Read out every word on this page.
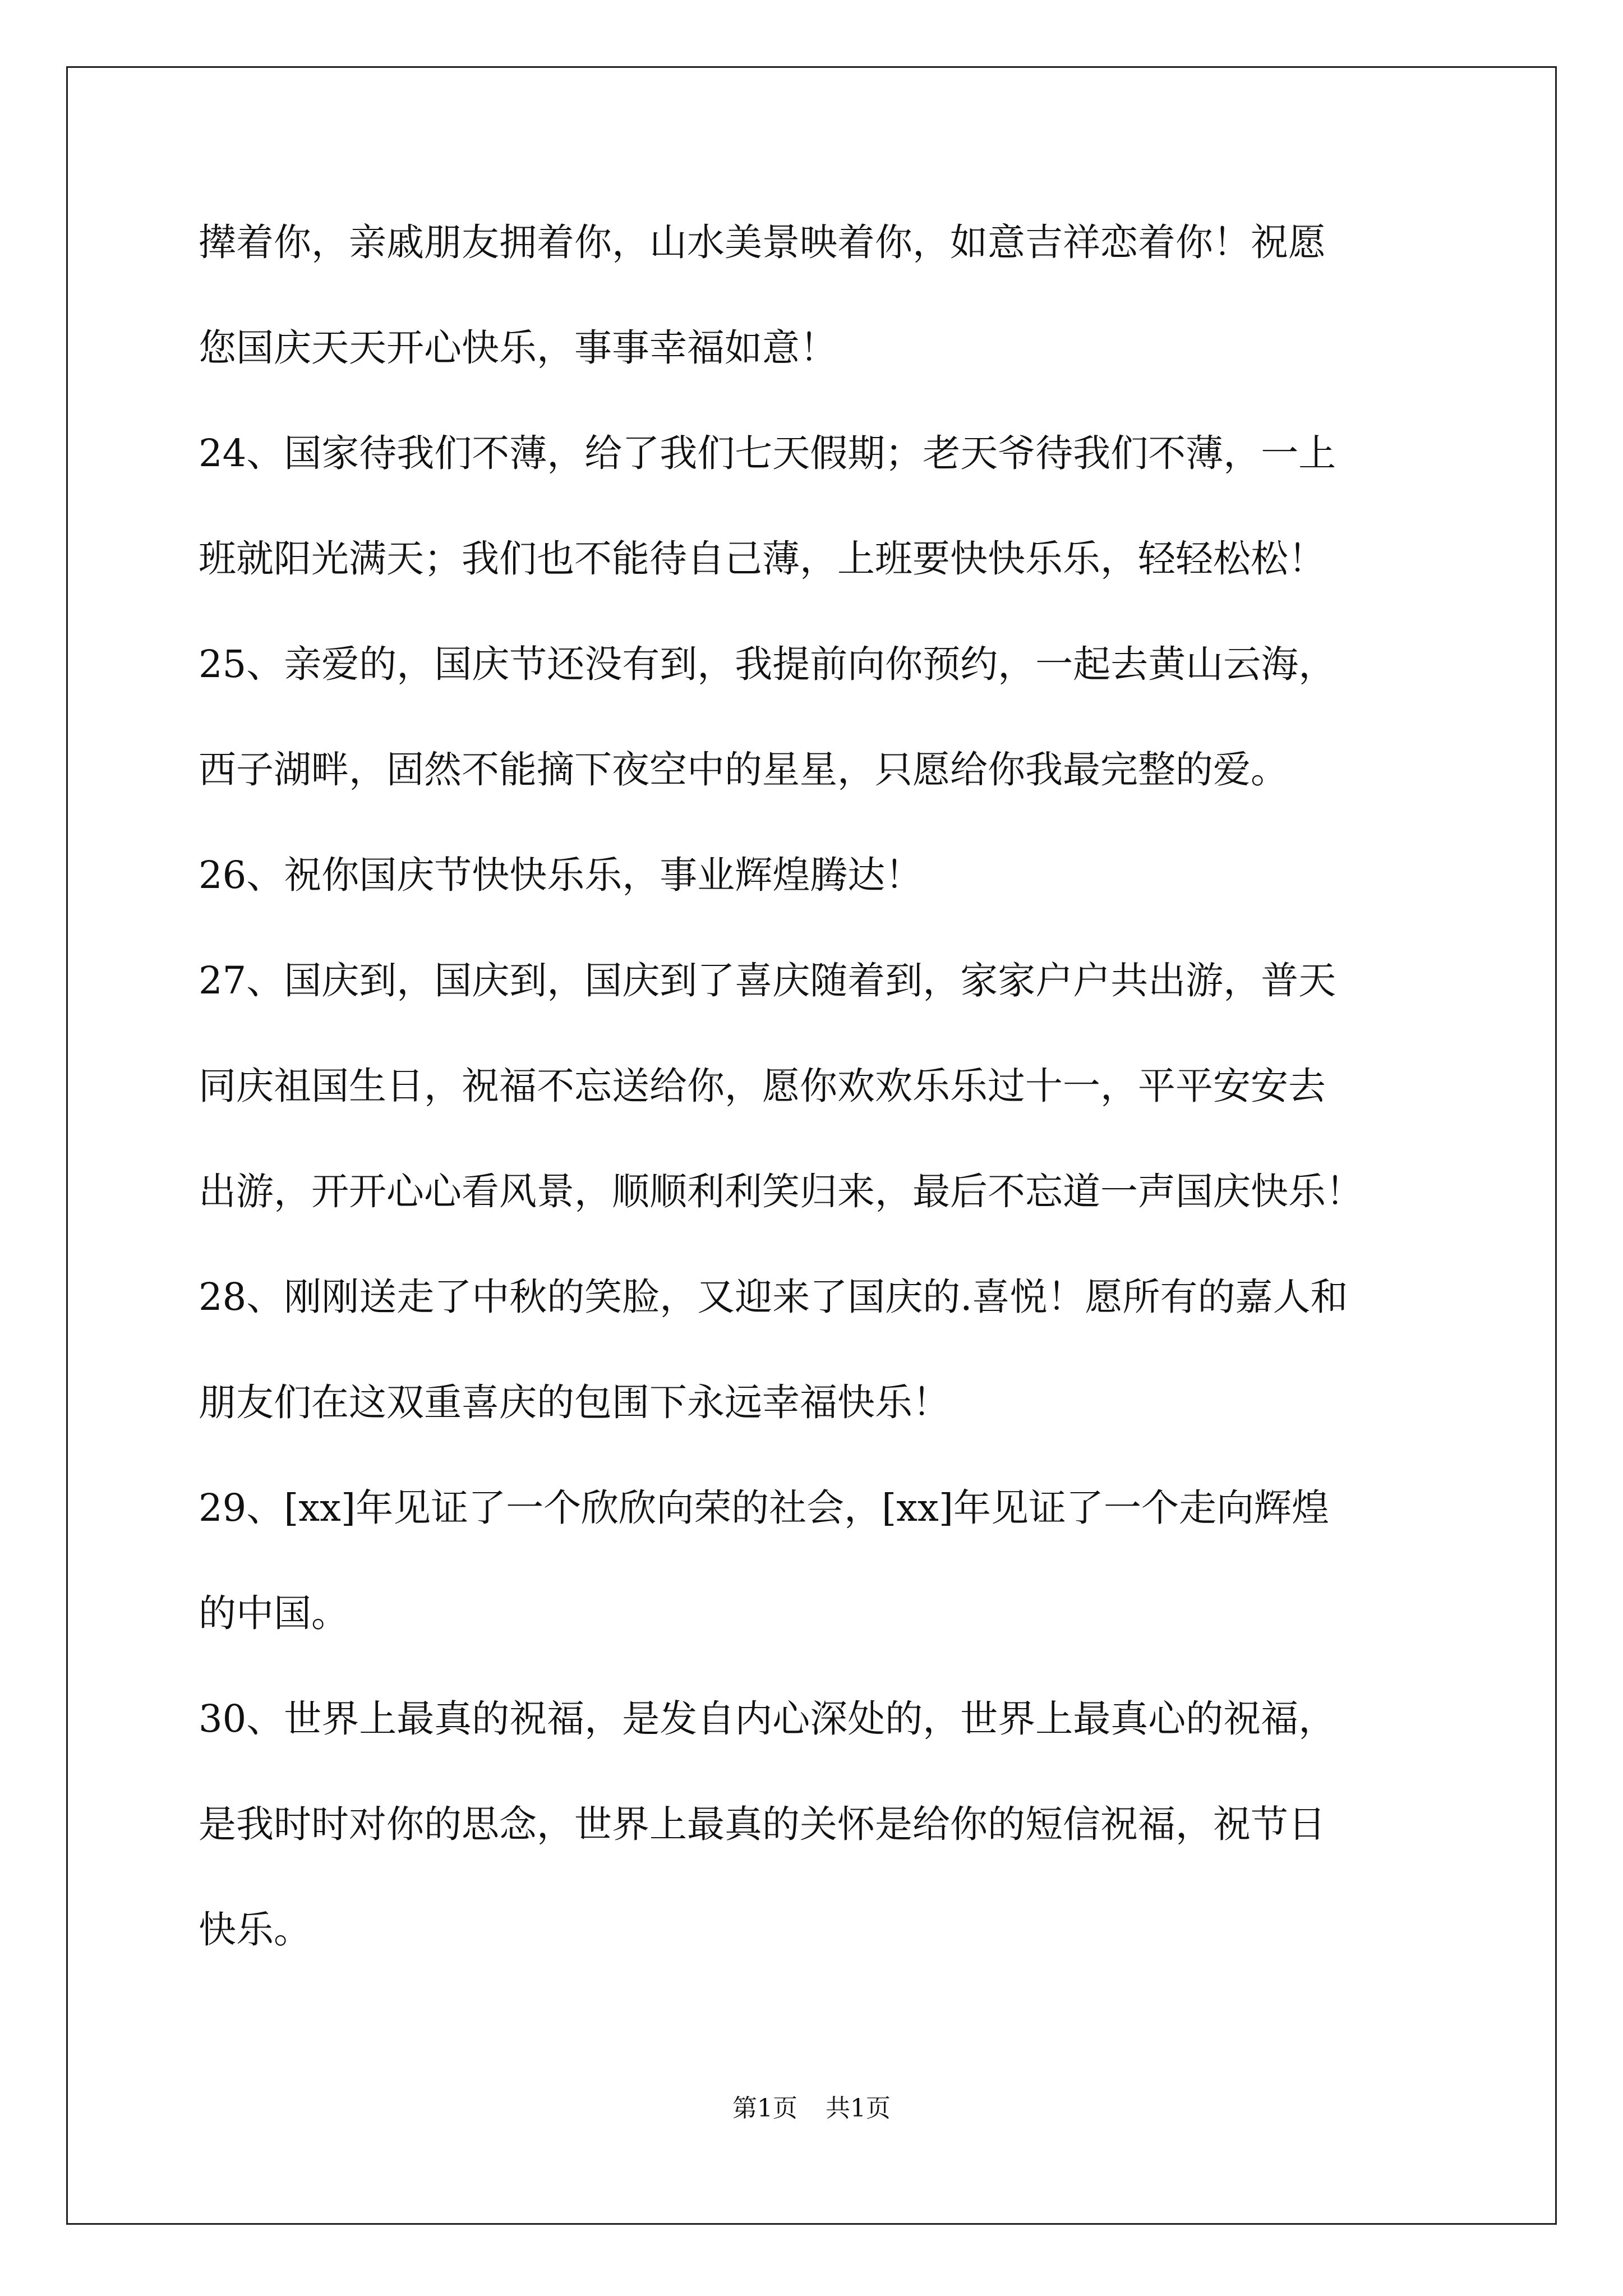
撵着你，亲戚朋友拥着你，山水美景映着你，如意吉祥恋着你！祝愿
您国庆天天开心快乐，事事幸福如意！
24、国家待我们不薄，给了我们七天假期；老天爷待我们不薄，一上
班就阳光满天；我们也不能待自己薄，上班要快快乐乐，轻轻松松！
25、亲爱的，国庆节还没有到，我提前向你预约，一起去黄山云海，
西子湖畔，固然不能摘下夜空中的星星，只愿给你我最完整的爱。
26、祝你国庆节快快乐乐，事业辉煌腾达！
27、国庆到，国庆到，国庆到了喜庆随着到，家家户户共出游，普天
同庆祖国生日，祝福不忘送给你，愿你欢欢乐乐过十一，平平安安去
出游，开开心心看风景，顺顺利利笑归来，最后不忘道一声国庆快乐！
28、刚刚送走了中秋的笑脸，又迎来了国庆的.喜悦！愿所有的嘉人和
朋友们在这双重喜庆的包围下永远幸福快乐！
29、[xx]年见证了一个欣欣向荣的社会，[xx]年见证了一个走向辉煌
的中国。
30、世界上最真的祝福，是发自内心深处的，世界上最真心的祝福，
是我时时对你的思念，世界上最真的关怀是给你的短信祝福，祝节日
快乐。
第1页 共1页
